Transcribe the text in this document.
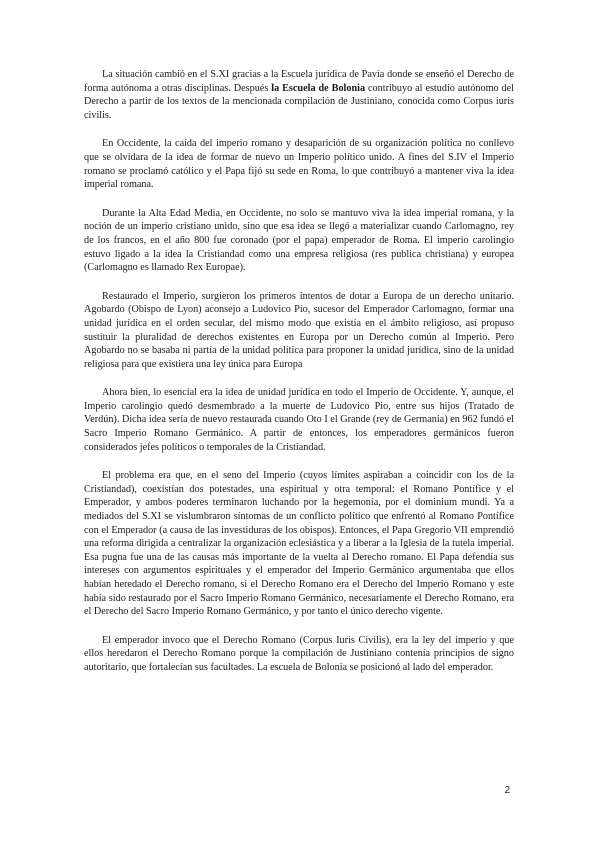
La situación cambió en el S.XI gracias a la Escuela jurídica de Pavía donde se enseñó el Derecho de forma autónoma a otras disciplinas. Después la Escuela de Bolonia contribuyo al estudio autónomo del Derecho a partir de los textos de la mencionada compilación de Justiniano, conocida como Corpus iuris civilis.

En Occidente, la caída del imperio romano y desaparición de su organización política no conllevo que se olvidara de la idea de formar de nuevo un Imperio político unido. A fines del S.IV el Imperio romano se proclamó católico y el Papa fijó su sede en Roma, lo que contribuyó a mantener viva la idea imperial romana.

Durante la Alta Edad Media, en Occidente, no solo se mantuvo viva la idea imperial romana, y la noción de un imperio cristiano unido, sino que esa idea se llegó a materializar cuando Carlomagno, rey de los francos, en el año 800 fue coronado (por el papa) emperador de Roma. El imperio carolingio estuvo ligado a la idea la Cristiandad como una empresa religiosa (res publica christiana) y europea (Carlomagno es llamado Rex Europae).

Restaurado el Imperio, surgieron los primeros intentos de dotar a Europa de un derecho unitario. Agobardo (Obispo de Lyon) aconsejo a Ludovico Pio, sucesor del Emperador Carlomagno, formar una unidad jurídica en el orden secular, del mismo modo que existía en el ámbito religioso, así propuso sustituir la pluralidad de derechos existentes en Europa por un Derecho común al Imperio. Pero Agobardo no se basaba ni partía de la unidad política para proponer la unidad jurídica, sino de la unidad religiosa para que existiera una ley única para Europa

Ahora bien, lo esencial era la idea de unidad jurídica en todo el Imperio de Occidente. Y, aunque, el Imperio carolingio quedó desmembrado a la muerte de Ludovico Pio, entre sus hijos (Tratado de Verdún). Dicha idea sería de nuevo restaurada cuando Oto I el Grande (rey de Germania) en 962 fundó el Sacro Imperio Romano Germánico. A partir de entonces, los emperadores germánicos fueron considerados jefes políticos o temporales de la Cristiandad.

El problema era que, en el seno del Imperio (cuyos límites aspiraban a coincidir con los de la Cristiandad), coexistían dos potestades, una espiritual y otra temporal: el Romano Pontífice y el Emperador, y ambos poderes terminaron luchando por la hegemonía, por el dominium mundi. Ya a mediados del S.XI se vislumbraron síntomas de un conflicto político que enfrentó al Romano Pontífice con el Emperador (a causa de las investiduras de los obispos). Entonces, el Papa Gregorio VII emprendió una reforma dirigida a centralizar la organización eclesiástica y a liberar a la Iglesia de la tutela imperial. Esa pugna fue una de las causas más importante de la vuelta al Derecho romano. El Papa defendía sus intereses con argumentos espirituales y el emperador del Imperio Germánico argumentaba que ellos habían heredado el Derecho romano, si el Derecho Romano era el Derecho del Imperio Romano y este había sido restaurado por el Sacro Imperio Romano Germánico, necesariamente el Derecho Romano, era el Derecho del Sacro Imperio Romano Germánico, y por tanto el único derecho vigente.

El emperador invoco que el Derecho Romano (Corpus Iuris Civilis), era la ley del imperio y que ellos heredaron el Derecho Romano porque la compilación de Justiniano contenía principios de signo autoritario, que fortalecían sus facultades. La escuela de Bolonia se posicionó al lado del emperador.

2
